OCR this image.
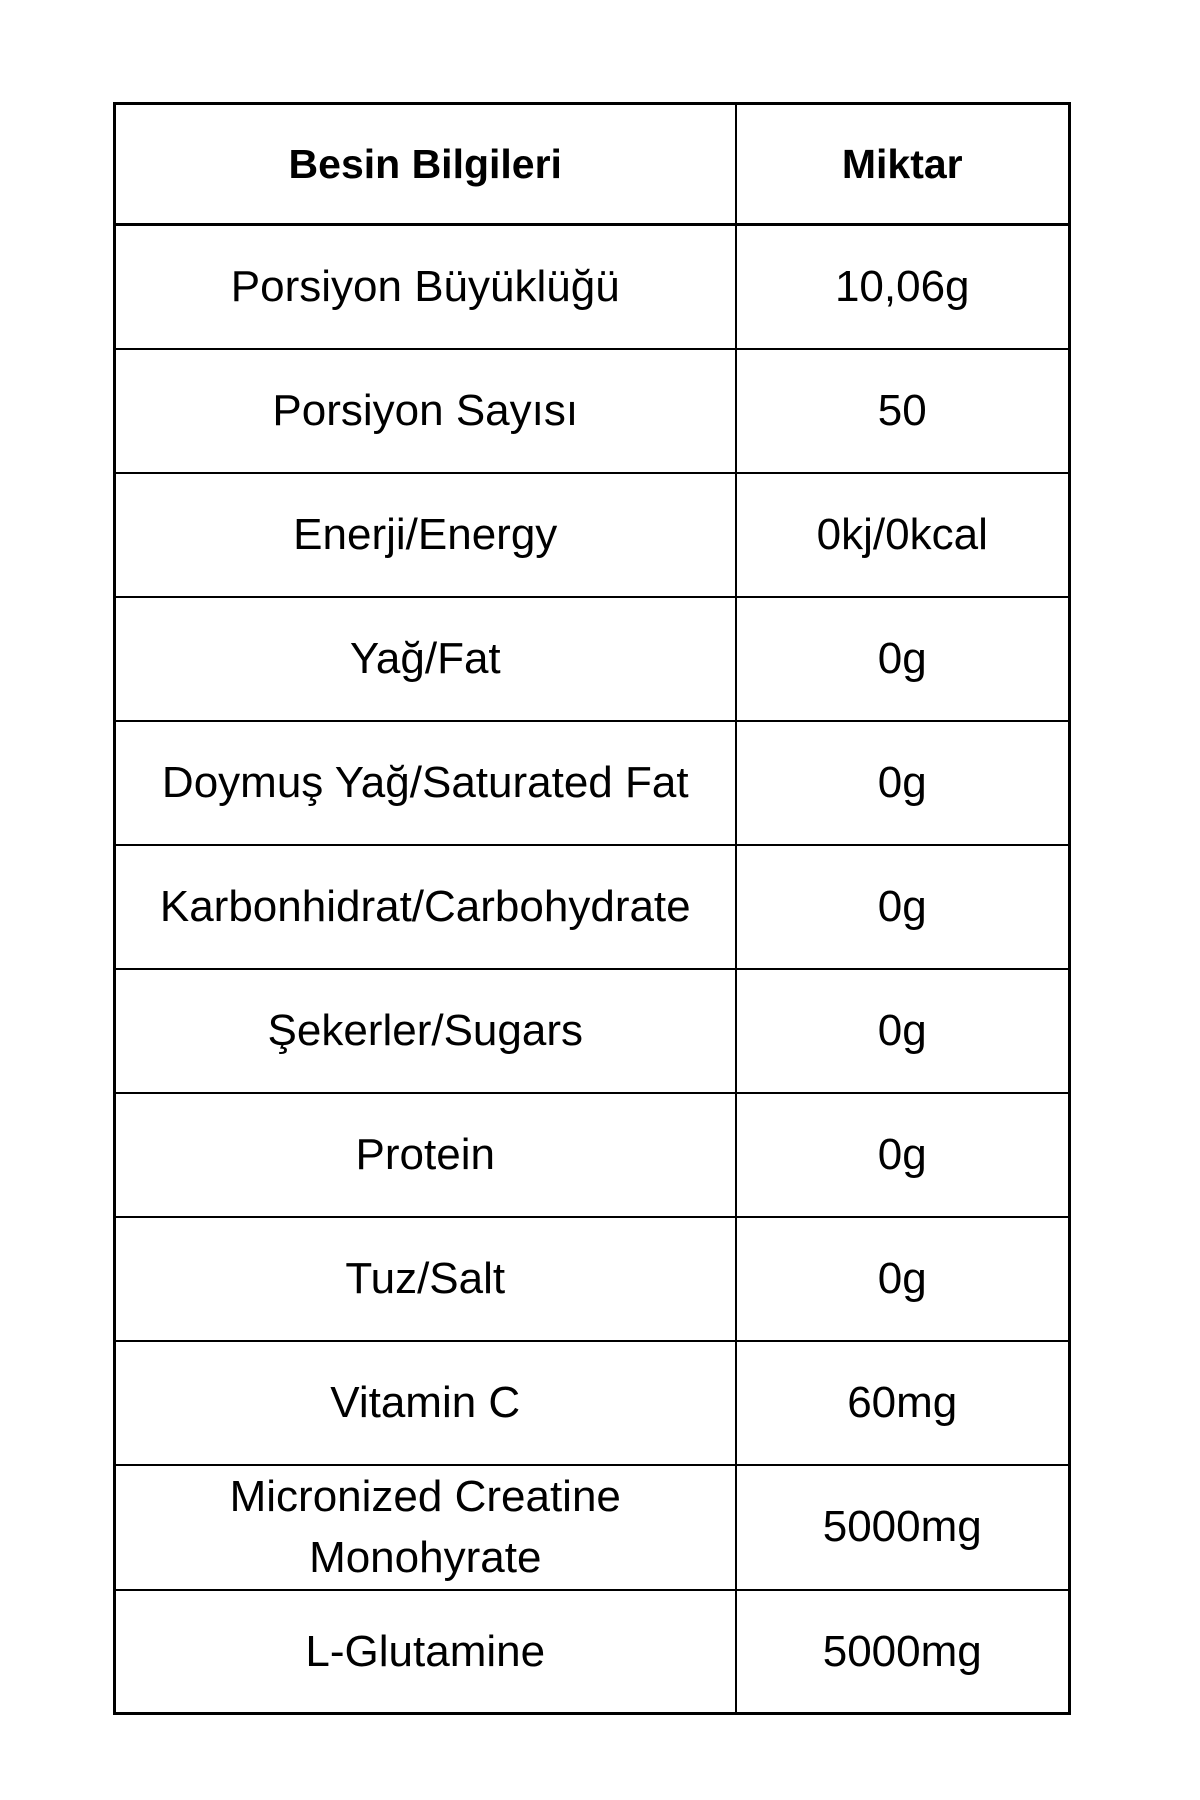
Besin Bilgileri	Miktar
Porsiyon Büyüklüğü	10,06g
Porsiyon Sayısı	50
Enerji/Energy	0kj/0kcal
Yağ/Fat	0g
Doymuş Yağ/Saturated Fat	0g
Karbonhidrat/Carbohydrate	0g
Şekerler/Sugars	0g
Protein	0g
Tuz/Salt	0g
Vitamin C	60mg
Micronized Creatine Monohyrate	5000mg
L-Glutamine	5000mg
